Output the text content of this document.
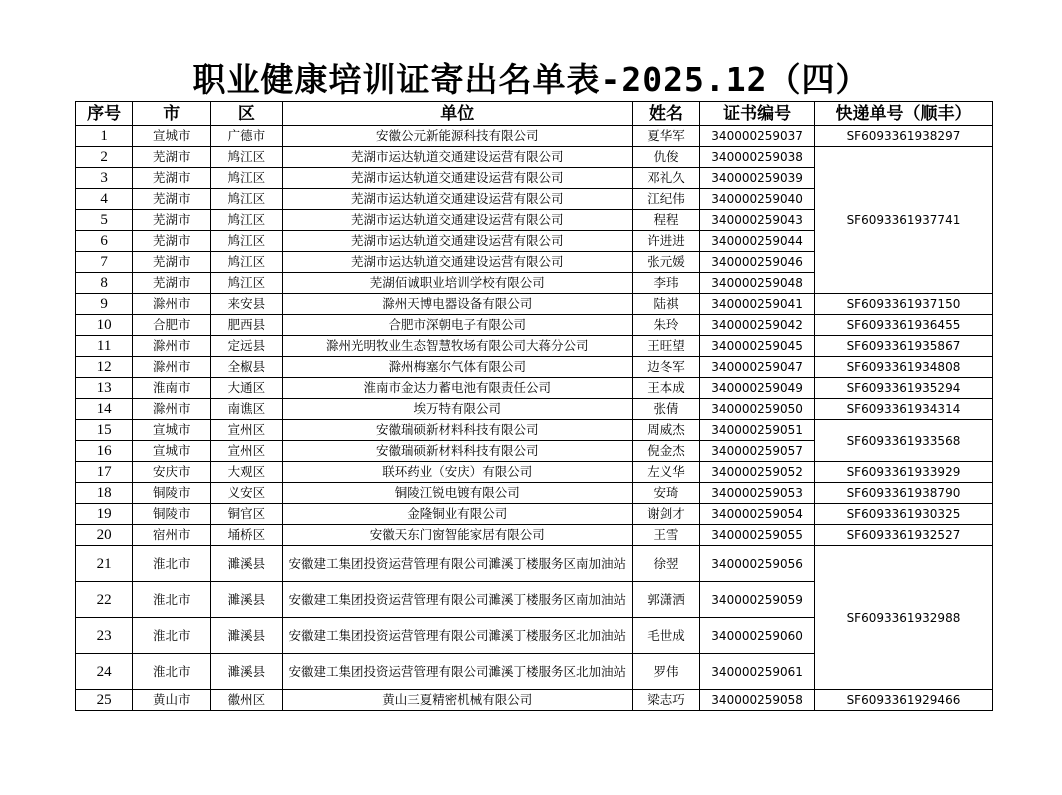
职业健康培训证寄出名单表-2025.12（四）
序号	市	区	单位	姓名	证书编号	快递单号（顺丰）
1	宣城市	广德市	安徽公元新能源科技有限公司	夏华军	340000259037	SF6093361938297
2	芜湖市	鸠江区	芜湖市运达轨道交通建设运营有限公司	仇俊	340000259038	SF6093361937741
3	芜湖市	鸠江区	芜湖市运达轨道交通建设运营有限公司	邓礼久	340000259039	
4	芜湖市	鸠江区	芜湖市运达轨道交通建设运营有限公司	江纪伟	340000259040	
5	芜湖市	鸠江区	芜湖市运达轨道交通建设运营有限公司	程程	340000259043	
6	芜湖市	鸠江区	芜湖市运达轨道交通建设运营有限公司	许进进	340000259044	
7	芜湖市	鸠江区	芜湖市运达轨道交通建设运营有限公司	张元媛	340000259046	
8	芜湖市	鸠江区	芜湖佰诚职业培训学校有限公司	李玮	340000259048	
9	滁州市	来安县	滁州天博电器设备有限公司	陆祺	340000259041	SF6093361937150
10	合肥市	肥西县	合肥市深朝电子有限公司	朱玲	340000259042	SF6093361936455
11	滁州市	定远县	滁州光明牧业生态智慧牧场有限公司大蒋分公司	王旺望	340000259045	SF6093361935867
12	滁州市	全椒县	滁州梅塞尔气体有限公司	边冬军	340000259047	SF6093361934808
13	淮南市	大通区	淮南市金达力蓄电池有限责任公司	王本成	340000259049	SF6093361935294
14	滁州市	南谯区	埃万特有限公司	张倩	340000259050	SF6093361934314
15	宣城市	宣州区	安徽瑞硕新材料科技有限公司	周威杰	340000259051	SF6093361933568
16	宣城市	宣州区	安徽瑞硕新材料科技有限公司	倪金杰	340000259057	
17	安庆市	大观区	联环药业（安庆）有限公司	左义华	340000259052	SF6093361933929
18	铜陵市	义安区	铜陵江锐电镀有限公司	安琦	340000259053	SF6093361938790
19	铜陵市	铜官区	金隆铜业有限公司	谢剑才	340000259054	SF6093361930325
20	宿州市	埇桥区	安徽天东门窗智能家居有限公司	王雪	340000259055	SF6093361932527
21	淮北市	濉溪县	安徽建工集团投资运营管理有限公司濉溪丁楼服务区南加油站	徐翌	340000259056	SF6093361932988
22	淮北市	濉溪县	安徽建工集团投资运营管理有限公司濉溪丁楼服务区南加油站	郭潇洒	340000259059	
23	淮北市	濉溪县	安徽建工集团投资运营管理有限公司濉溪丁楼服务区北加油站	毛世成	340000259060	
24	淮北市	濉溪县	安徽建工集团投资运营管理有限公司濉溪丁楼服务区北加油站	罗伟	340000259061	
25	黄山市	徽州区	黄山三夏精密机械有限公司	梁志巧	340000259058	SF6093361929466
